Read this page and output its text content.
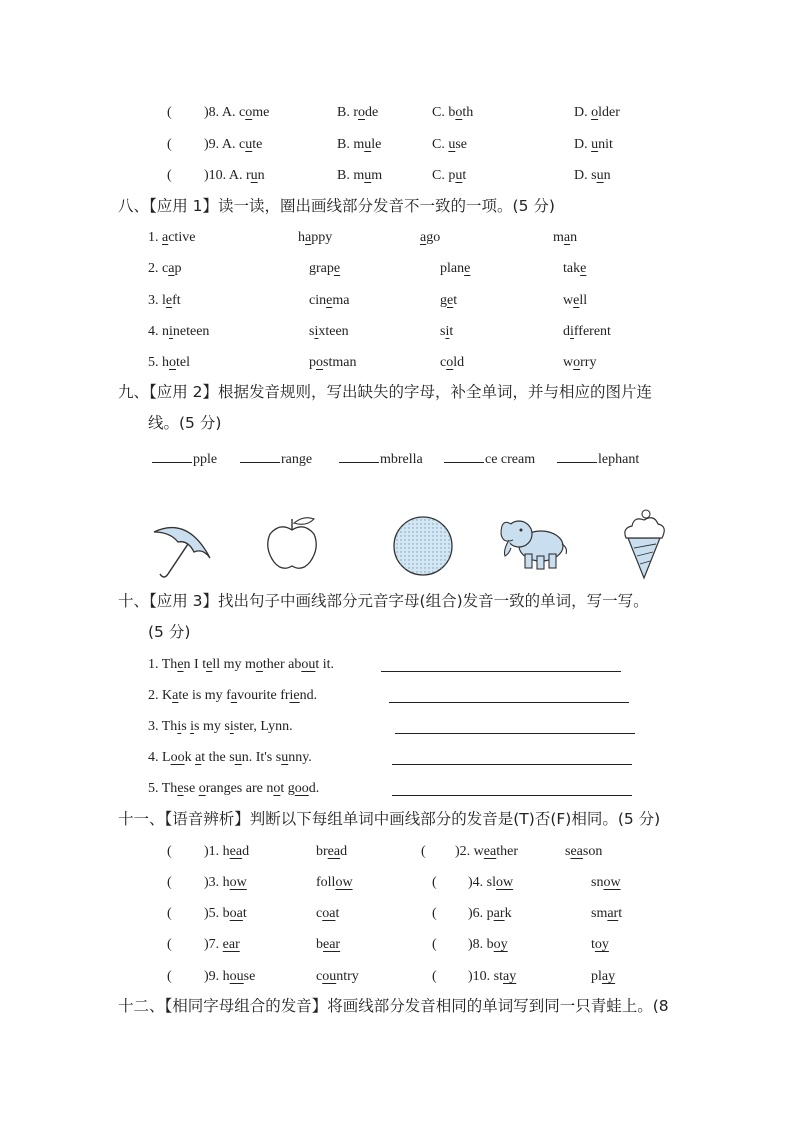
( )8. A. come	B. rode	C. both	D. older
( )9. A. cute	B. mule	C. use	D. unit
( )10. A. run	B. mum	C. put	D. sun
八、【应用 1】读一读，圈出画线部分发音不一致的一项。(5 分)
1. active	happy	ago	man
2. cap	grape	plane	take
3. left	cinema	get	well
4. nineteen	sixteen	sit	different
5. hotel	postman	cold	worry
九、【应用 2】根据发音规则，写出缺失的字母，补全单词，并与相应的图片连
线。(5 分)
pple	range	mbrella	ce cream	lephant
十、【应用 3】找出句子中画线部分元音字母(组合)发音一致的单词，写一写。
(5 分)
1. Then I tell my mother about it.
2. Kate is my favourite friend.
3. This is my sister, Lynn.
4. Look at the sun. It's sunny.
5. These oranges are not good.
十一、【语音辨析】判断以下每组单词中画线部分的发音是(T)否(F)相同。(5 分)
( )1. head	bread	( )2. weather	season
( )3. how	follow	( )4. slow	snow
( )5. boat	coat	( )6. park	smart
( )7. ear	bear	( )8. boy	toy
( )9. house	country	( )10. stay	play
十二、【相同字母组合的发音】将画线部分发音相同的单词写到同一只青蛙上。(8
